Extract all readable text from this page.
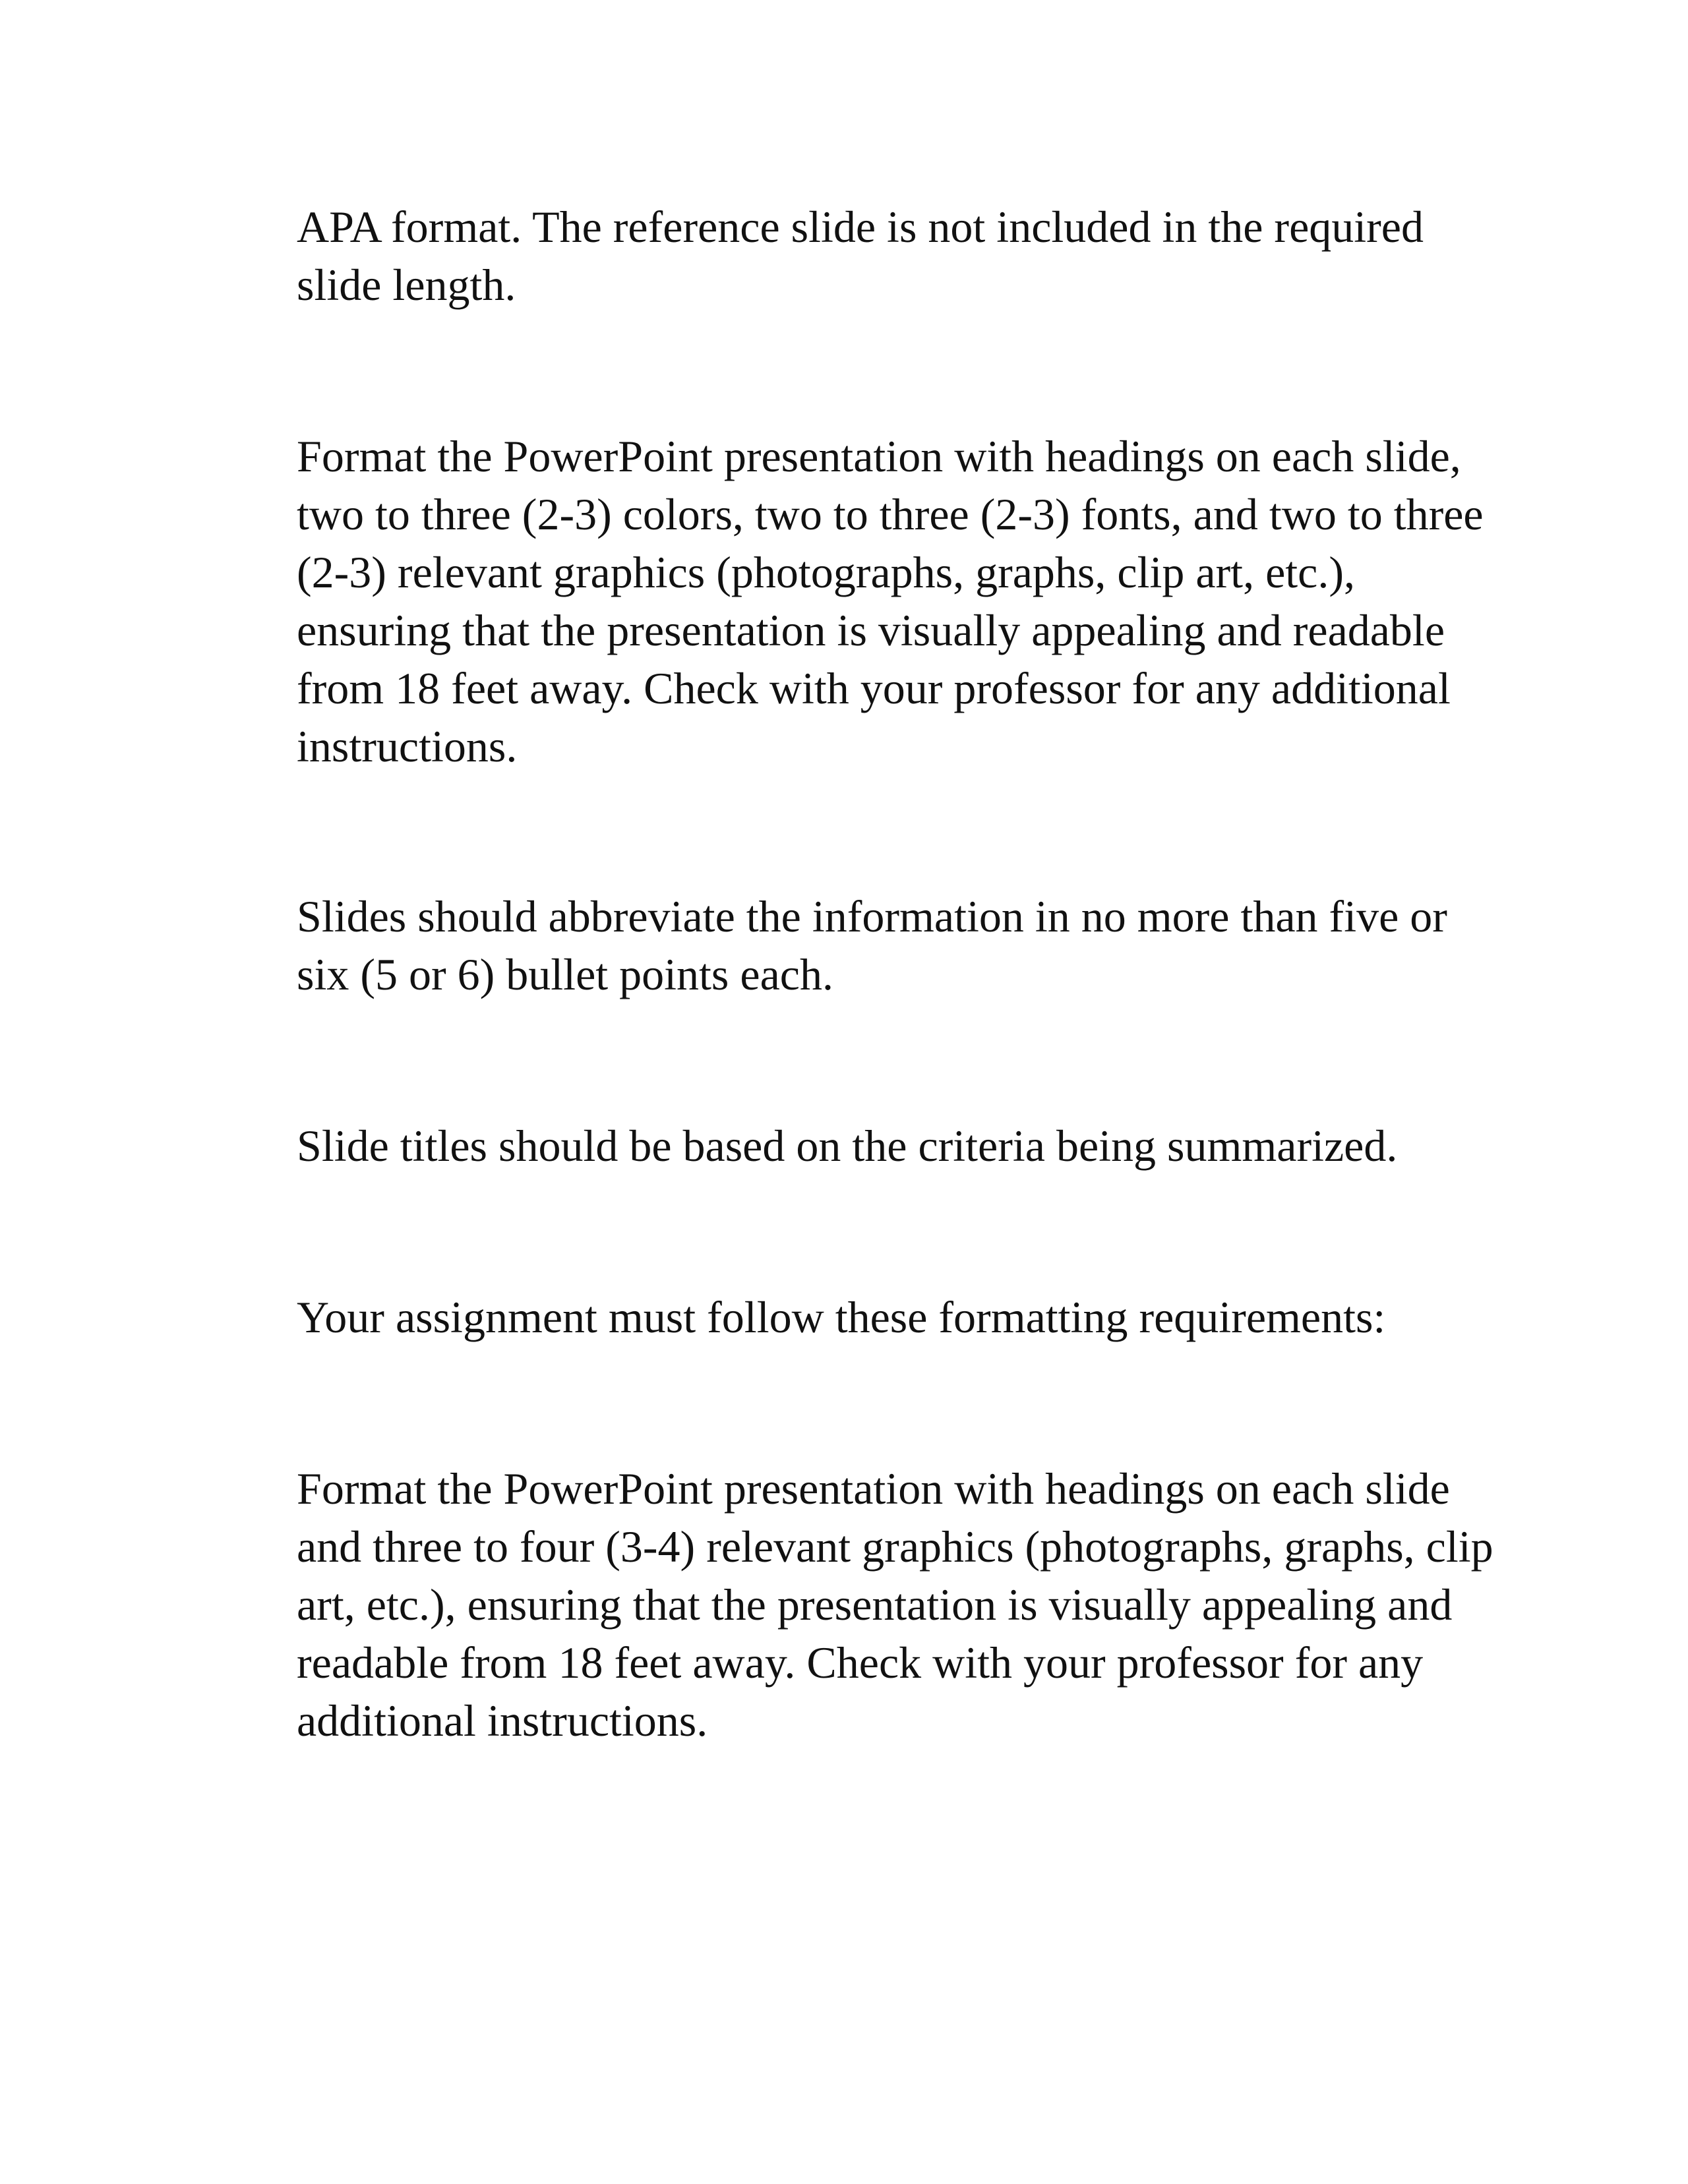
APA format. The reference slide is not included in the required
slide length.

Format the PowerPoint presentation with headings on each slide,
two to three (2-3) colors, two to three (2-3) fonts, and two to three
(2-3) relevant graphics (photographs, graphs, clip art, etc.),
ensuring that the presentation is visually appealing and readable
from 18 feet away. Check with your professor for any additional
instructions.

Slides should abbreviate the information in no more than five or
six (5 or 6) bullet points each.

Slide titles should be based on the criteria being summarized.

Your assignment must follow these formatting requirements:

Format the PowerPoint presentation with headings on each slide
and three to four (3-4) relevant graphics (photographs, graphs, clip
art, etc.), ensuring that the presentation is visually appealing and
readable from 18 feet away. Check with your professor for any
additional instructions.
